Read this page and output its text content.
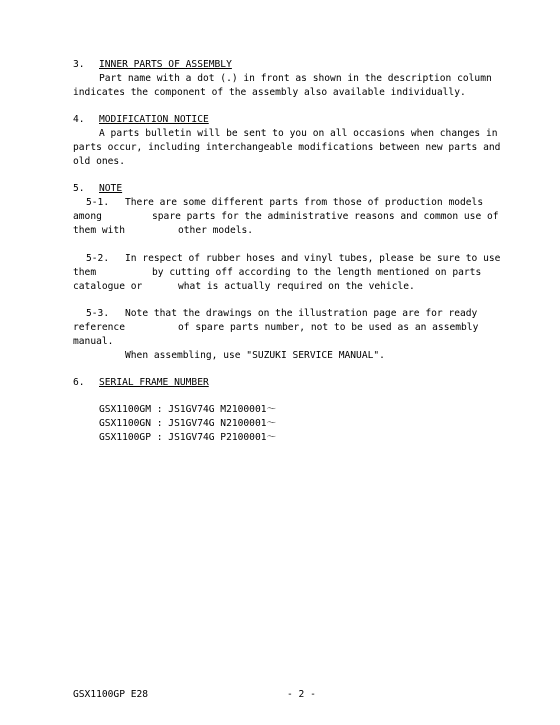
3. INNER PARTS OF ASSEMBLY
Part name with a dot (.) in front as shown in the description column
indicates the component of the assembly also available individually.
4. MODIFICATION NOTICE
A parts bulletin will be sent to you on all occasions when changes in
parts occur, including interchangeable modifications between new parts and
old ones.
5. NOTE
5-1. There are some different parts from those of production models
among	spare parts for the administrative reasons and common use of
them with	other models.
5-2. In respect of rubber hoses and vinyl tubes, please be sure to use
them	by cutting off according to the length mentioned on parts
catalogue or	what is actually required on the vehicle.
5-3. Note that the drawings on the illustration page are for ready
reference	of spare parts number, not to be used as an assembly
manual.
When assembling, use "SUZUKI SERVICE MANUAL".
6. SERIAL FRAME NUMBER
GSX1100GM : JS1GV74G M2100001～
GSX1100GN : JS1GV74G N2100001～
GSX1100GP : JS1GV74G P2100001～
GSX1100GP E28	- 2 -
